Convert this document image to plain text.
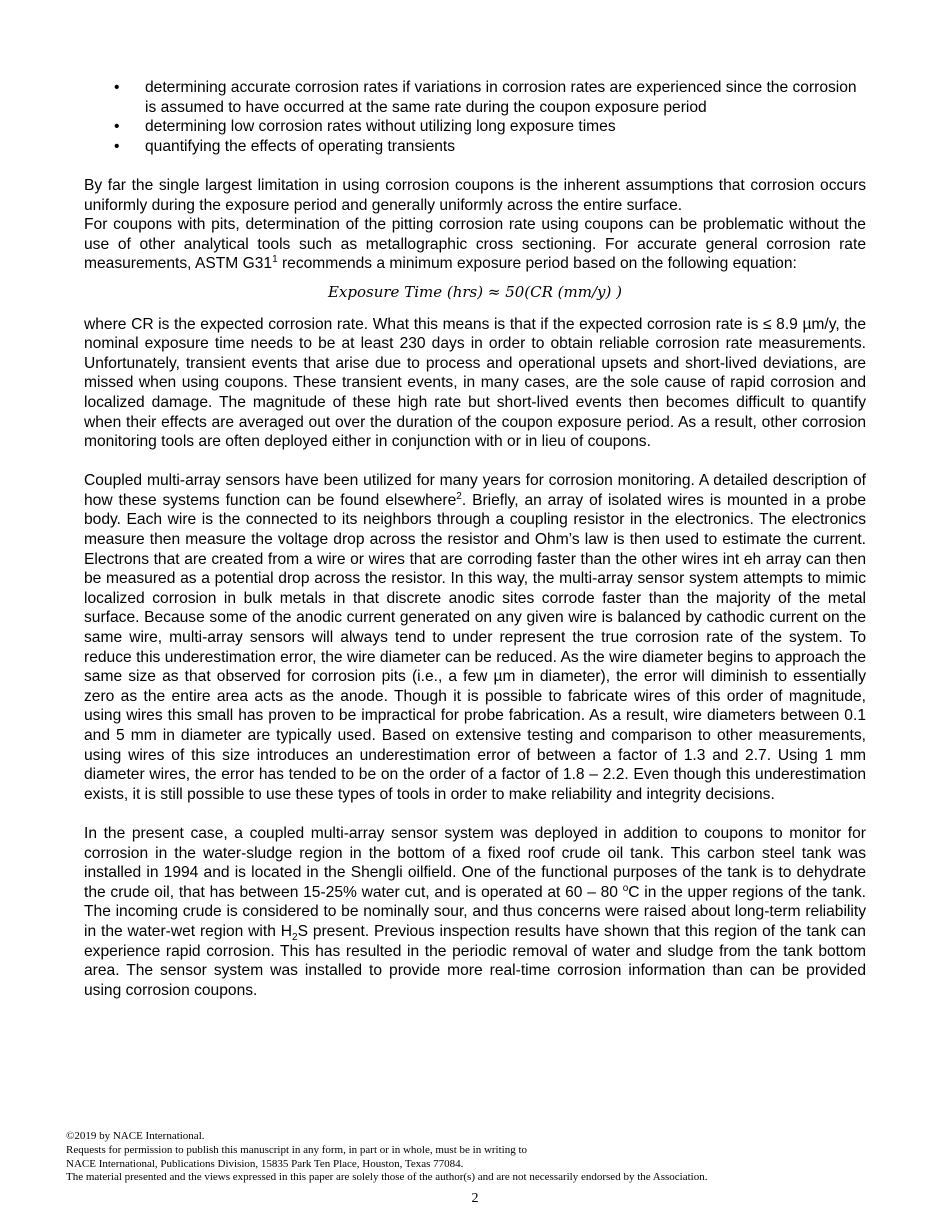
• determining accurate corrosion rates if variations in corrosion rates are experienced since the corrosion is assumed to have occurred at the same rate during the coupon exposure period
• determining low corrosion rates without utilizing long exposure times
• quantifying the effects of operating transients

By far the single largest limitation in using corrosion coupons is the inherent assumptions that corrosion occurs uniformly during the exposure period and generally uniformly across the entire surface.

For coupons with pits, determination of the pitting corrosion rate using coupons can be problematic without the use of other analytical tools such as metallographic cross sectioning. For accurate general corrosion rate measurements, ASTM $G31^1$ recommends a minimum exposure period based on the following equation:

Exposure Time (hrs) ≈ 50(CR (mm/y) )

where CR is the expected corrosion rate. What this means is that if the expected corrosion rate is ≤ 8.9 µm/y, the nominal exposure time needs to be at least 230 days in order to obtain reliable corrosion rate measurements. Unfortunately, transient events that arise due to process and operational upsets and short-lived deviations, are missed when using coupons. These transient events, in many cases, are the sole cause of rapid corrosion and localized damage. The magnitude of these high rate but short-lived events then becomes difficult to quantify when their effects are averaged out over the duration of the coupon exposure period. As a result, other corrosion monitoring tools are often deployed either in conjunction with or in lieu of coupons.

Coupled multi-array sensors have been utilized for many years for corrosion monitoring. A detailed description of how these systems function can be found elsewhere$^2$. Briefly, an array of isolated wires is mounted in a probe body. Each wire is the connected to its neighbors through a coupling resistor in the electronics. The electronics measure then measure the voltage drop across the resistor and Ohm’s law is then used to estimate the current. Electrons that are created from a wire or wires that are corroding faster than the other wires int eh array can then be measured as a potential drop across the resistor. In this way, the multi-array sensor system attempts to mimic localized corrosion in bulk metals in that discrete anodic sites corrode faster than the majority of the metal surface. Because some of the anodic current generated on any given wire is balanced by cathodic current on the same wire, multi-array sensors will always tend to under represent the true corrosion rate of the system. To reduce this underestimation error, the wire diameter can be reduced. As the wire diameter begins to approach the same size as that observed for corrosion pits (i.e., a few µm in diameter), the error will diminish to essentially zero as the entire area acts as the anode. Though it is possible to fabricate wires of this order of magnitude, using wires this small has proven to be impractical for probe fabrication. As a result, wire diameters between 0.1 and 5 mm in diameter are typically used. Based on extensive testing and comparison to other measurements, using wires of this size introduces an underestimation error of between a factor of 1.3 and 2.7. Using 1 mm diameter wires, the error has tended to be on the order of a factor of 1.8 – 2.2. Even though this underestimation exists, it is still possible to use these types of tools in order to make reliability and integrity decisions.

In the present case, a coupled multi-array sensor system was deployed in addition to coupons to monitor for corrosion in the water-sludge region in the bottom of a fixed roof crude oil tank. This carbon steel tank was installed in 1994 and is located in the Shengli oilfield. One of the functional purposes of the tank is to dehydrate the crude oil, that has between 15-25% water cut, and is operated at 60 – 80 $^o$C in the upper regions of the tank. The incoming crude is considered to be nominally sour, and thus concerns were raised about long-term reliability in the water-wet region with $H_2S$ present. Previous inspection results have shown that this region of the tank can experience rapid corrosion. This has resulted in the periodic removal of water and sludge from the tank bottom area. The sensor system was installed to provide more real-time corrosion information than can be provided using corrosion coupons.

©2019 by NACE International.
Requests for permission to publish this manuscript in any form, in part or in whole, must be in writing to
NACE International, Publications Division, 15835 Park Ten Place, Houston, Texas 77084.
The material presented and the views expressed in this paper are solely those of the author(s) and are not necessarily endorsed by the Association.
2
